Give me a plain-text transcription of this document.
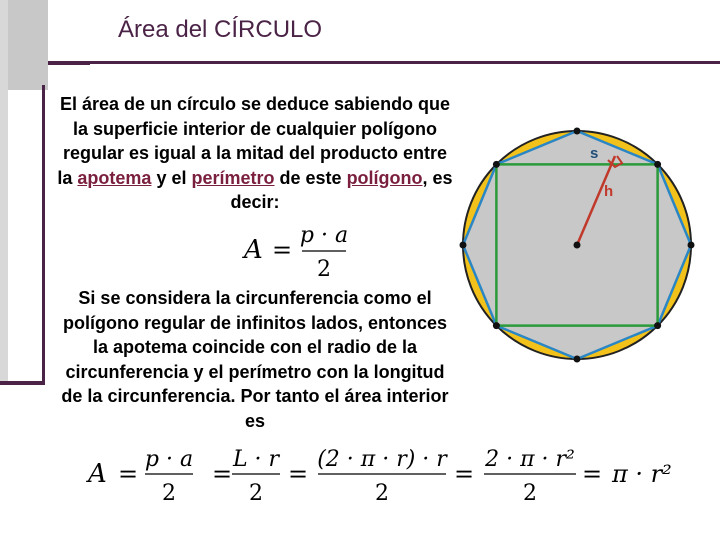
Área del CÍRCULO
El área de un círculo se deduce sabiendo que la superficie interior de cualquier polígono regular es igual a la mitad del producto entre la apotema y el perímetro de este polígono, es decir:
A =
p · a
2
Si se considera la circunferencia como el polígono regular de infinitos lados, entonces la apotema coincide con el radio de la circunferencia y el perímetro con la longitud de la circunferencia. Por tanto el área interior es
A =
p · a
2
=
L · r
2
=
(2 · π · r) · r
2
=
2 · π · r²
2
= π · r²
s
h
